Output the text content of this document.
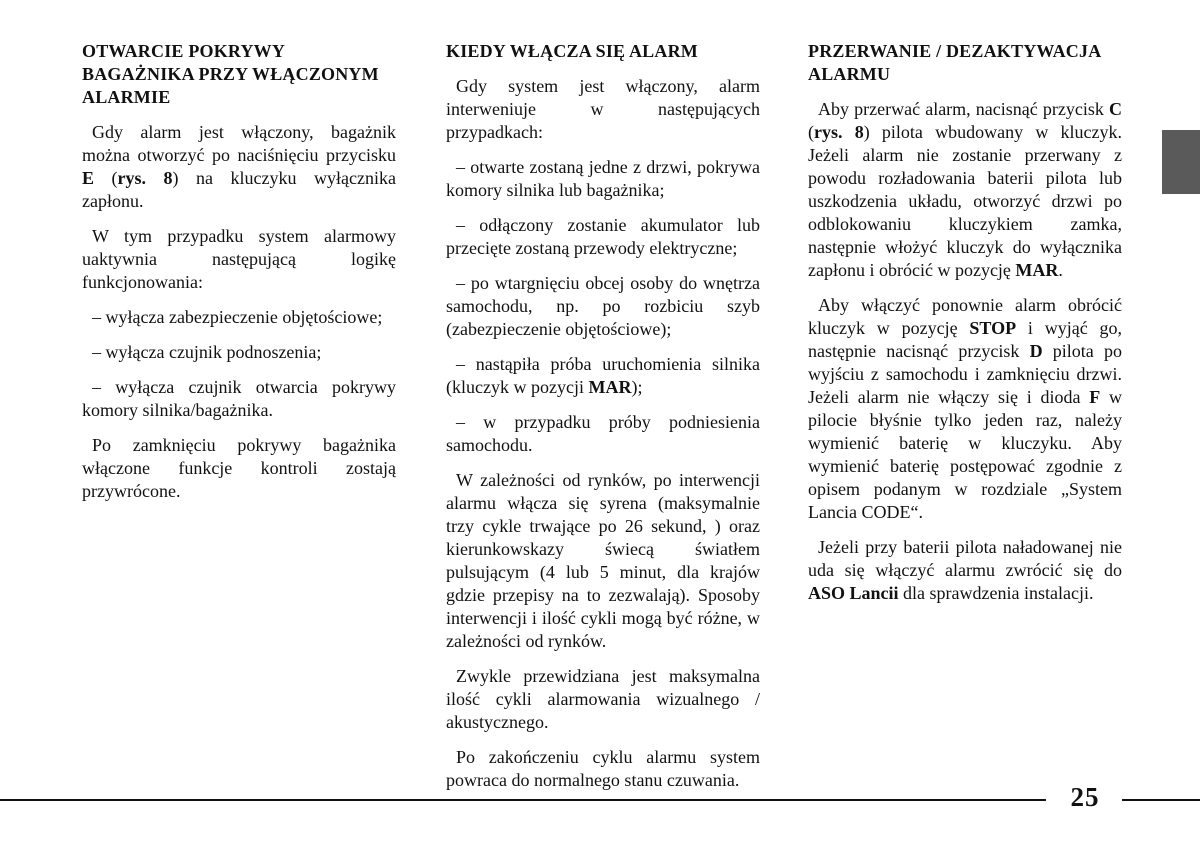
OTWARCIE POKRYWY BAGAŻNIKA PRZY WŁĄCZONYM ALARMIE

Gdy alarm jest włączony, bagażnik można otworzyć po naciśnięciu przycisku E (rys. 8) na kluczyku wyłącznika zapłonu.

W tym przypadku system alarmowy uaktywnia następującą logikę funkcjonowania:

– wyłącza zabezpieczenie objętościowe;

– wyłącza czujnik podnoszenia;

– wyłącza czujnik otwarcia pokrywy komory silnika/bagażnika.

Po zamknięciu pokrywy bagażnika włączone funkcje kontroli zostają przywrócone.

KIEDY WŁĄCZA SIĘ ALARM

Gdy system jest włączony, alarm interweniuje w następujących przypadkach:

– otwarte zostaną jedne z drzwi, pokrywa komory silnika lub bagażnika;

– odłączony zostanie akumulator lub przecięte zostaną przewody elektryczne;

– po wtargnięciu obcej osoby do wnętrza samochodu, np. po rozbiciu szyb (zabezpieczenie objętościowe);

– nastąpiła próba uruchomienia silnika (kluczyk w pozycji MAR);

– w przypadku próby podniesienia samochodu.

W zależności od rynków, po interwencji alarmu włącza się syrena (maksymalnie trzy cykle trwające po 26 sekund, ) oraz kierunkowskazy świecą światłem pulsującym (4 lub 5 minut, dla krajów gdzie przepisy na to zezwalają). Sposoby interwencji i ilość cykli mogą być różne, w zależności od rynków.

Zwykle przewidziana jest maksymalna ilość cykli alarmowania wizualnego / akustycznego.

Po zakończeniu cyklu alarmu system powraca do normalnego stanu czuwania.

PRZERWANIE / DEZAKTYWACJA ALARMU

Aby przerwać alarm, nacisnąć przycisk C (rys. 8) pilota wbudowany w kluczyk. Jeżeli alarm nie zostanie przerwany z powodu rozładowania baterii pilota lub uszkodzenia układu, otworzyć drzwi po odblokowaniu kluczykiem zamka, następnie włożyć kluczyk do wyłącznika zapłonu i obrócić w pozycję MAR.

Aby włączyć ponownie alarm obrócić kluczyk w pozycję STOP i wyjąć go, następnie nacisnąć przycisk D pilota po wyjściu z samochodu i zamknięciu drzwi. Jeżeli alarm nie włączy się i dioda F w pilocie błyśnie tylko jeden raz, należy wymienić baterię w kluczyku. Aby wymienić baterię postępować zgodnie z opisem podanym w rozdziale „System Lancia CODE“.

Jeżeli przy baterii pilota naładowanej nie uda się włączyć alarmu zwrócić się do ASO Lancii dla sprawdzenia instalacji.

25
